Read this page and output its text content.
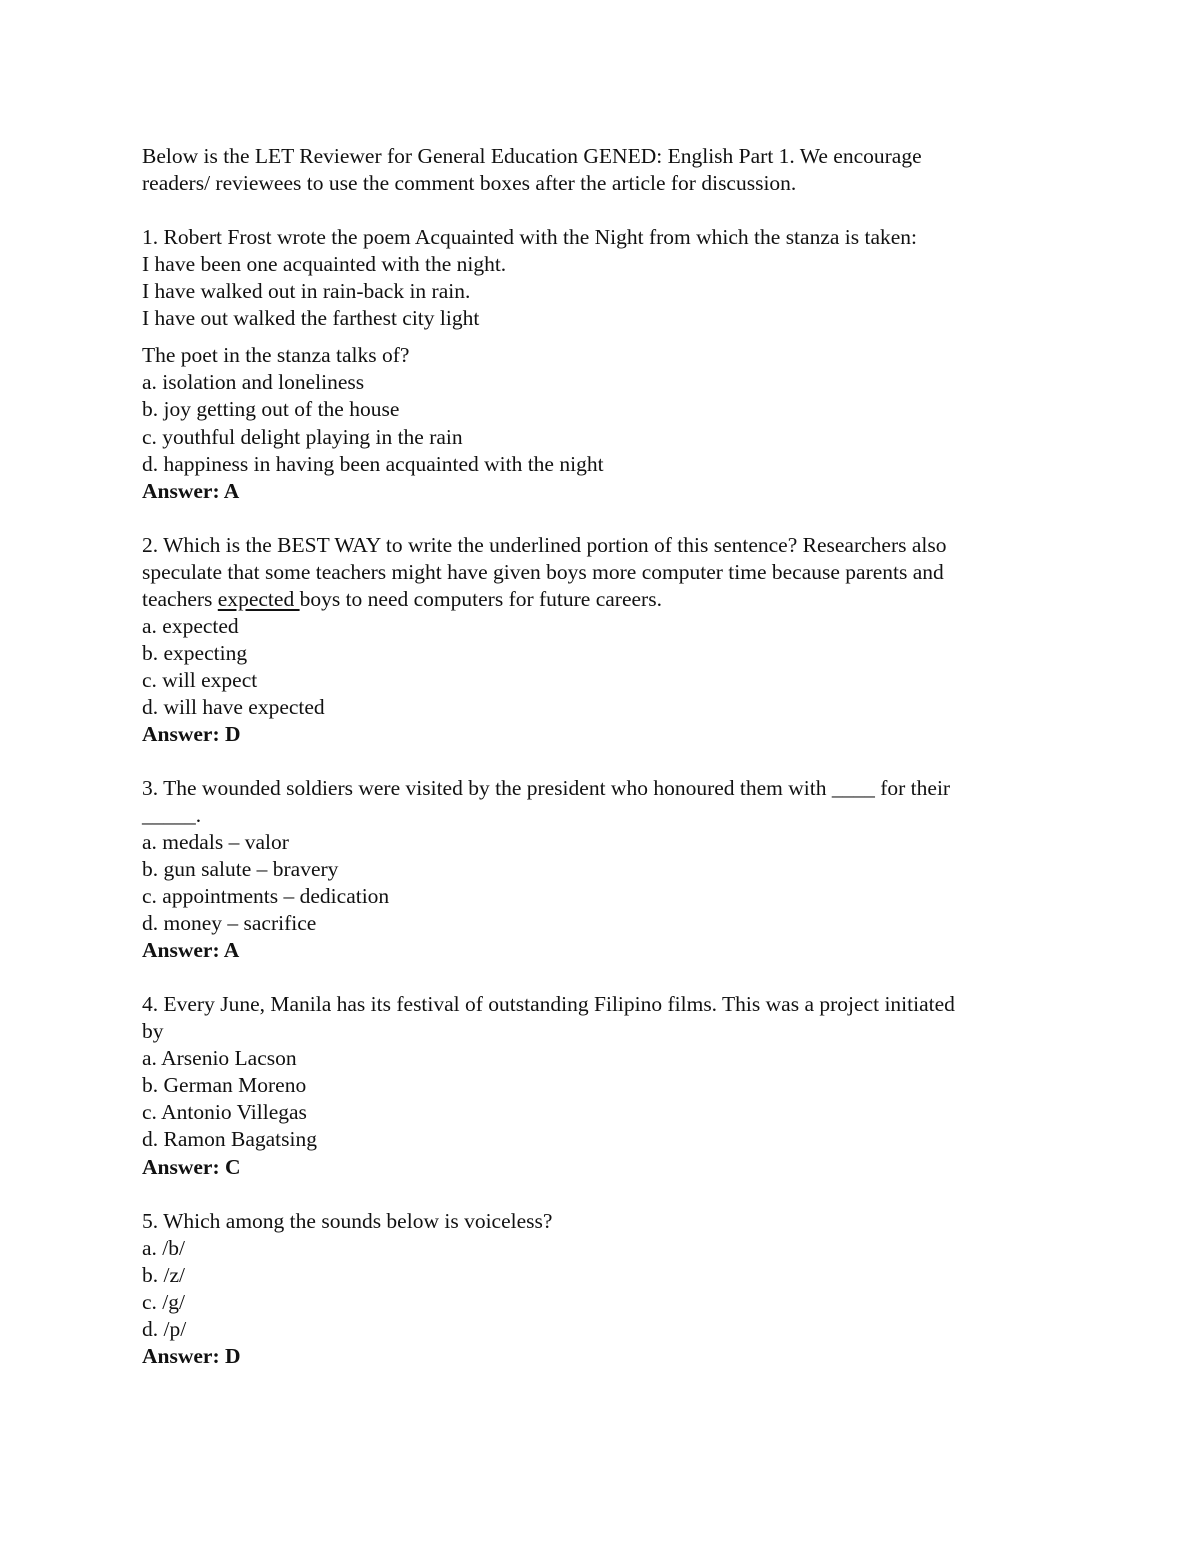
Below is the LET Reviewer for General Education GENED: English Part 1. We encourage
readers/ reviewees to use the comment boxes after the article for discussion.
1. Robert Frost wrote the poem Acquainted with the Night from which the stanza is taken:
I have been one acquainted with the night.
I have walked out in rain-back in rain.
I have out walked the farthest city light
The poet in the stanza talks of?
a. isolation and loneliness
b. joy getting out of the house
c. youthful delight playing in the rain
d. happiness in having been acquainted with the night
Answer: A
2. Which is the BEST WAY to write the underlined portion of this sentence? Researchers also
speculate that some teachers might have given boys more computer time because parents and
teachers expected boys to need computers for future careers.
a. expected
b. expecting
c. will expect
d. will have expected
Answer: D
3. The wounded soldiers were visited by the president who honoured them with ____ for their
_____.
a. medals – valor
b. gun salute – bravery
c. appointments – dedication
d. money – sacrifice
Answer: A
4. Every June, Manila has its festival of outstanding Filipino films. This was a project initiated
by
a. Arsenio Lacson
b. German Moreno
c. Antonio Villegas
d. Ramon Bagatsing
Answer: C
5. Which among the sounds below is voiceless?
a. /b/
b. /z/
c. /g/
d. /p/
Answer: D
